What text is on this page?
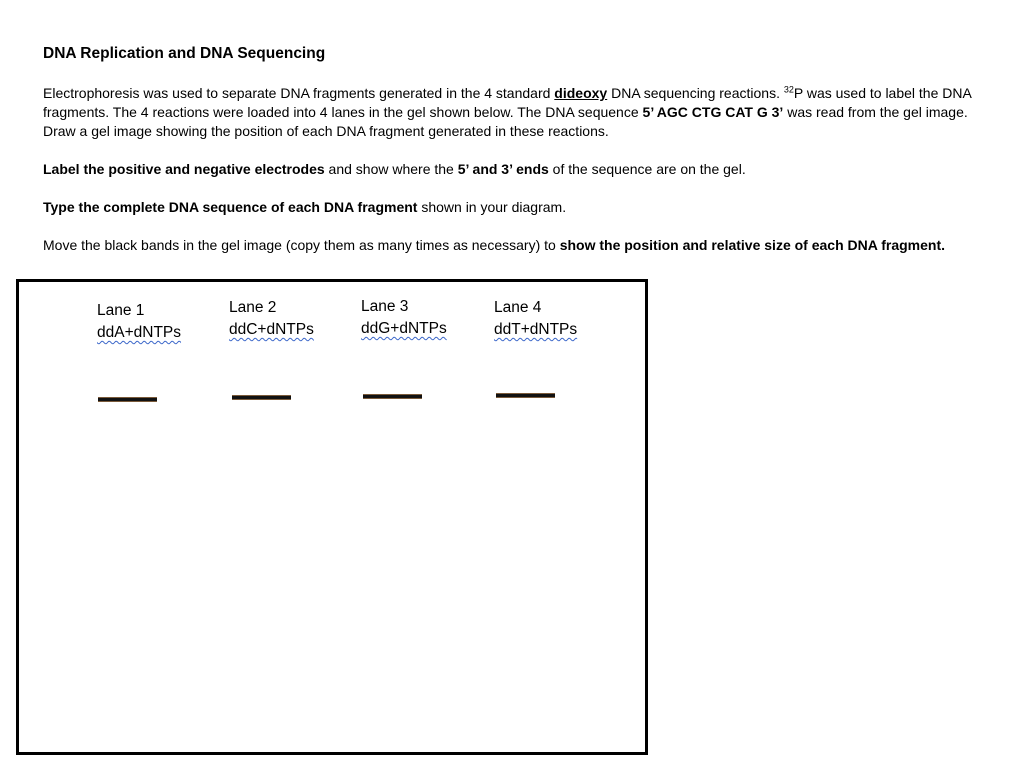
DNA Replication and DNA Sequencing
Electrophoresis was used to separate DNA fragments generated in the 4 standard dideoxy DNA sequencing reactions. $^{32}$P was used to label the DNA fragments. The 4 reactions were loaded into 4 lanes in the gel shown below. The DNA sequence 5’ AGC CTG CAT G 3’ was read from the gel image. Draw a gel image showing the position of each DNA fragment generated in these reactions.
Label the positive and negative electrodes and show where the 5’ and 3’ ends of the sequence are on the gel.
Type the complete DNA sequence of each DNA fragment shown in your diagram.
Move the black bands in the gel image (copy them as many times as necessary) to show the position and relative size of each DNA fragment.
Lane 1
ddA+dNTPs
Lane 2
ddC+dNTPs
Lane 3
ddG+dNTPs
Lane 4
ddT+dNTPs
